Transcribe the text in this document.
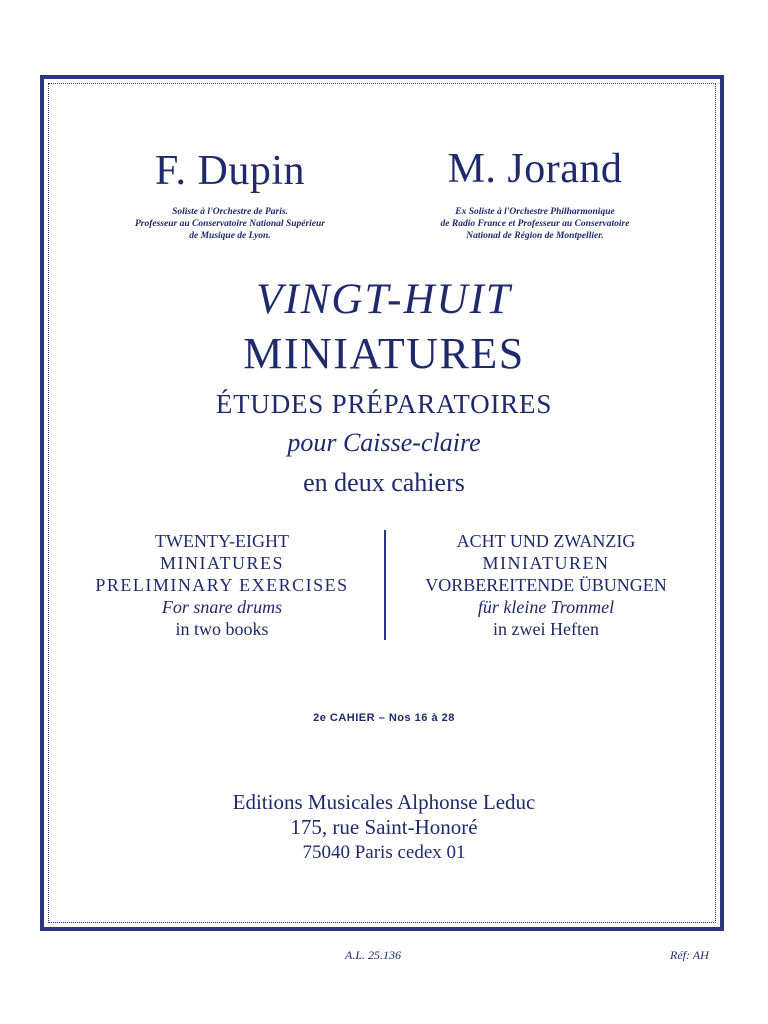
F. Dupin
Soliste à l'Orchestre de Paris.
Professeur au Conservatoire National Supérieur
de Musique de Lyon.
M. Jorand
Ex Soliste à l'Orchestre Philharmonique
de Radio France et Professeur au Conservatoire
National de Région de Montpellier.
VINGT-HUIT
MINIATURES
ÉTUDES PRÉPARATOIRES
pour Caisse-claire
en deux cahiers

TWENTY-EIGHT

MINIATURES

PRELIMINARY EXERCISES

For snare drums

in two books

ACHT UND ZWANZIG

MINIATUREN

VORBEREITENDE ÜBUNGEN

für kleine Trommel

in zwei Heften

2e CAHIER – Nos 16 à 28
Editions Musicales Alphonse Leduc
175, rue Saint-Honoré
75040 Paris cedex 01
A.L. 25.136	Réf: AH
